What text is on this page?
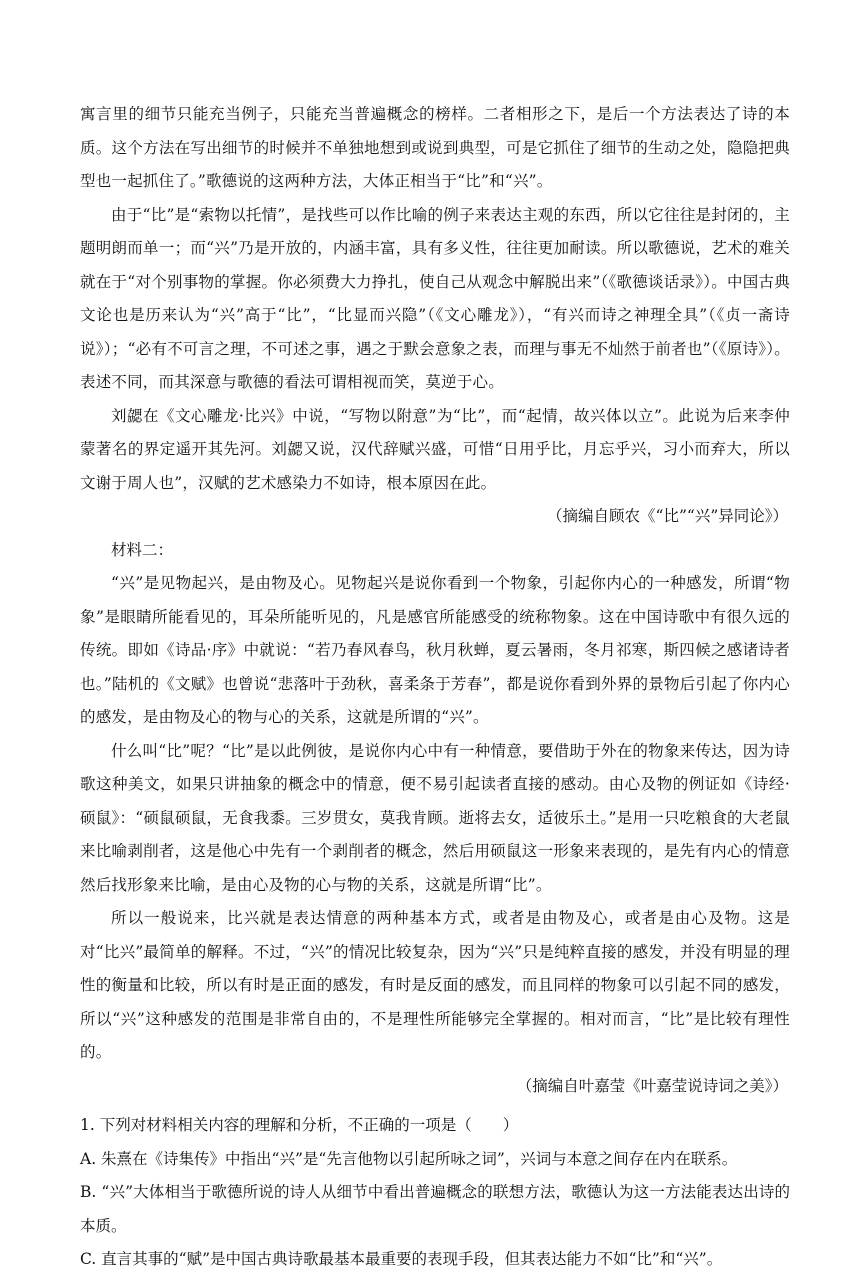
寓言里的细节只能充当例子，只能充当普遍概念的榜样。二者相形之下，是后一个方法表达了诗的本质。这个方法在写出细节的时候并不单独地想到或说到典型，可是它抓住了细节的生动之处，隐隐把典型也一起抓住了。”歌德说的这两种方法，大体正相当于“比”和“兴”。

由于“比”是“索物以托情”，是找些可以作比喻的例子来表达主观的东西，所以它往往是封闭的，主题明朗而单一；而“兴”乃是开放的，内涵丰富，具有多义性，往往更加耐读。所以歌德说，艺术的难关就在于“对个别事物的掌握。你必须费大力挣扎，使自己从观念中解脱出来”（《歌德谈话录》）。中国古典文论也是历来认为“兴”高于“比”，“比显而兴隐”（《文心雕龙》），“有兴而诗之神理全具”（《贞一斋诗说》）；“必有不可言之理，不可述之事，遇之于默会意象之表，而理与事无不灿然于前者也”（《原诗》）。表述不同，而其深意与歌德的看法可谓相视而笑，莫逆于心。

刘勰在《文心雕龙·比兴》中说，“写物以附意”为“比”，而“起情，故兴体以立”。此说为后来李仲蒙著名的界定遥开其先河。刘勰又说，汉代辞赋兴盛，可惜“日用乎比，月忘乎兴，习小而弃大，所以文谢于周人也”，汉赋的艺术感染力不如诗，根本原因在此。

（摘编自顾农《“比”“兴”异同论》）

材料二：

“兴”是见物起兴，是由物及心。见物起兴是说你看到一个物象，引起你内心的一种感发，所谓“物象”是眼睛所能看见的，耳朵所能听见的，凡是感官所能感受的统称物象。这在中国诗歌中有很久远的传统。即如《诗品·序》中就说：“若乃春风春鸟，秋月秋蝉，夏云暑雨，冬月祁寒，斯四候之感诸诗者也。”陆机的《文赋》也曾说“悲落叶于劲秋，喜柔条于芳春”，都是说你看到外界的景物后引起了你内心的感发，是由物及心的物与心的关系，这就是所谓的“兴”。

什么叫“比”呢？“比”是以此例彼，是说你内心中有一种情意，要借助于外在的物象来传达，因为诗歌这种美文，如果只讲抽象的概念中的情意，便不易引起读者直接的感动。由心及物的例证如《诗经·硕鼠》：“硕鼠硕鼠，无食我黍。三岁贯女，莫我肯顾。逝将去女，适彼乐土。”是用一只吃粮食的大老鼠来比喻剥削者，这是他心中先有一个剥削者的概念，然后用硕鼠这一形象来表现的，是先有内心的情意然后找形象来比喻，是由心及物的心与物的关系，这就是所谓“比”。

所以一般说来，比兴就是表达情意的两种基本方式，或者是由物及心，或者是由心及物。这是对“比兴”最简单的解释。不过，“兴”的情况比较复杂，因为“兴”只是纯粹直接的感发，并没有明显的理性的衡量和比较，所以有时是正面的感发，有时是反面的感发，而且同样的物象可以引起不同的感发，所以“兴”这种感发的范围是非常自由的，不是理性所能够完全掌握的。相对而言，“比”是比较有理性的。

（摘编自叶嘉莹《叶嘉莹说诗词之美》）

1. 下列对材料相关内容的理解和分析，不正确的一项是（　　）

A. 朱熹在《诗集传》中指出“兴”是“先言他物以引起所咏之词”，兴词与本意之间存在内在联系。

B. “兴”大体相当于歌德所说的诗人从细节中看出普遍概念的联想方法，歌德认为这一方法能表达出诗的本质。

C. 直言其事的“赋”是中国古典诗歌最基本最重要的表现手段，但其表达能力不如“比”和“兴”。
